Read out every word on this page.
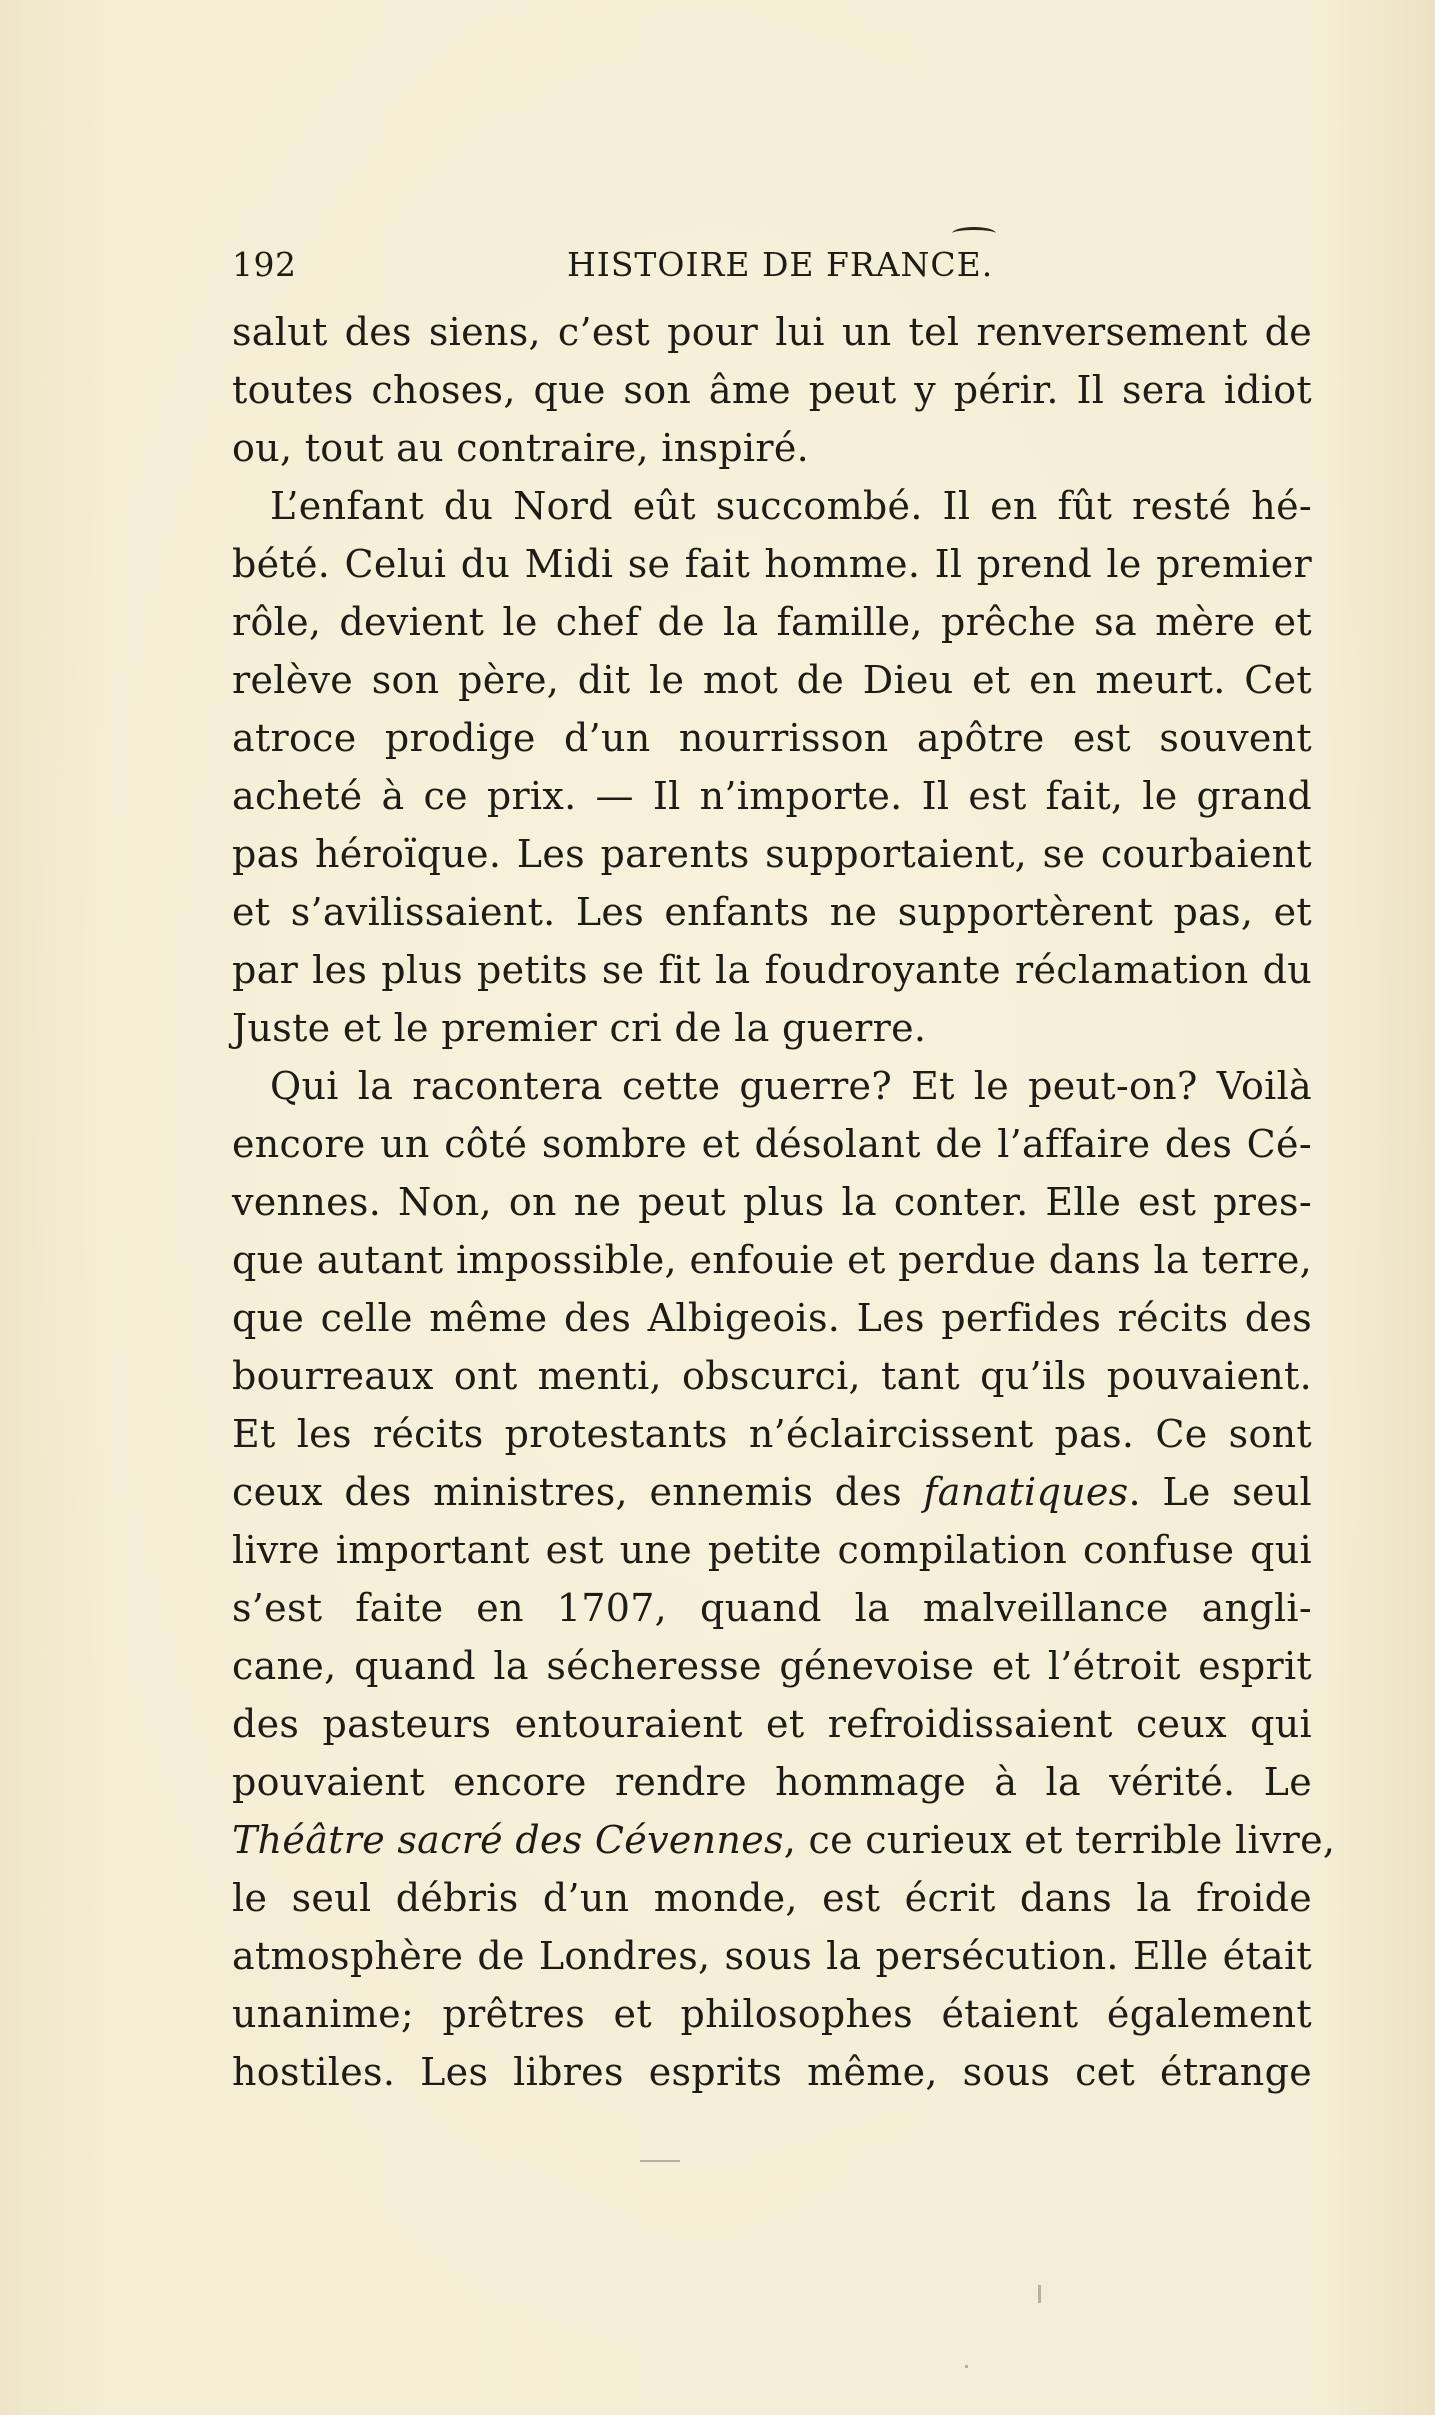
192	HISTOIRE DE FRANCE.
salut des siens, c’est pour lui un tel renversement de
toutes choses, que son âme peut y périr. Il sera idiot
ou, tout au contraire, inspiré.
L’enfant du Nord eût succombé. Il en fût resté hé-
bété. Celui du Midi se fait homme. Il prend le premier
rôle, devient le chef de la famille, prêche sa mère et
relève son père, dit le mot de Dieu et en meurt. Cet
atroce prodige d’un nourrisson apôtre est souvent
acheté à ce prix. — Il n’importe. Il est fait, le grand
pas héroïque. Les parents supportaient, se courbaient
et s’avilissaient. Les enfants ne supportèrent pas, et
par les plus petits se fit la foudroyante réclamation du
Juste et le premier cri de la guerre.
Qui la racontera cette guerre? Et le peut-on? Voilà
encore un côté sombre et désolant de l’affaire des Cé-
vennes. Non, on ne peut plus la conter. Elle est pres-
que autant impossible, enfouie et perdue dans la terre,
que celle même des Albigeois. Les perfides récits des
bourreaux ont menti, obscurci, tant qu’ils pouvaient.
Et les récits protestants n’éclaircissent pas. Ce sont
ceux des ministres, ennemis des fanatiques. Le seul
livre important est une petite compilation confuse qui
s’est faite en 1707, quand la malveillance angli-
cane, quand la sécheresse génevoise et l’étroit esprit
des pasteurs entouraient et refroidissaient ceux qui
pouvaient encore rendre hommage à la vérité. Le
Théâtre sacré des Cévennes, ce curieux et terrible livre,
le seul débris d’un monde, est écrit dans la froide
atmosphère de Londres, sous la persécution. Elle était
unanime; prêtres et philosophes étaient également
hostiles. Les libres esprits même, sous cet étrange
